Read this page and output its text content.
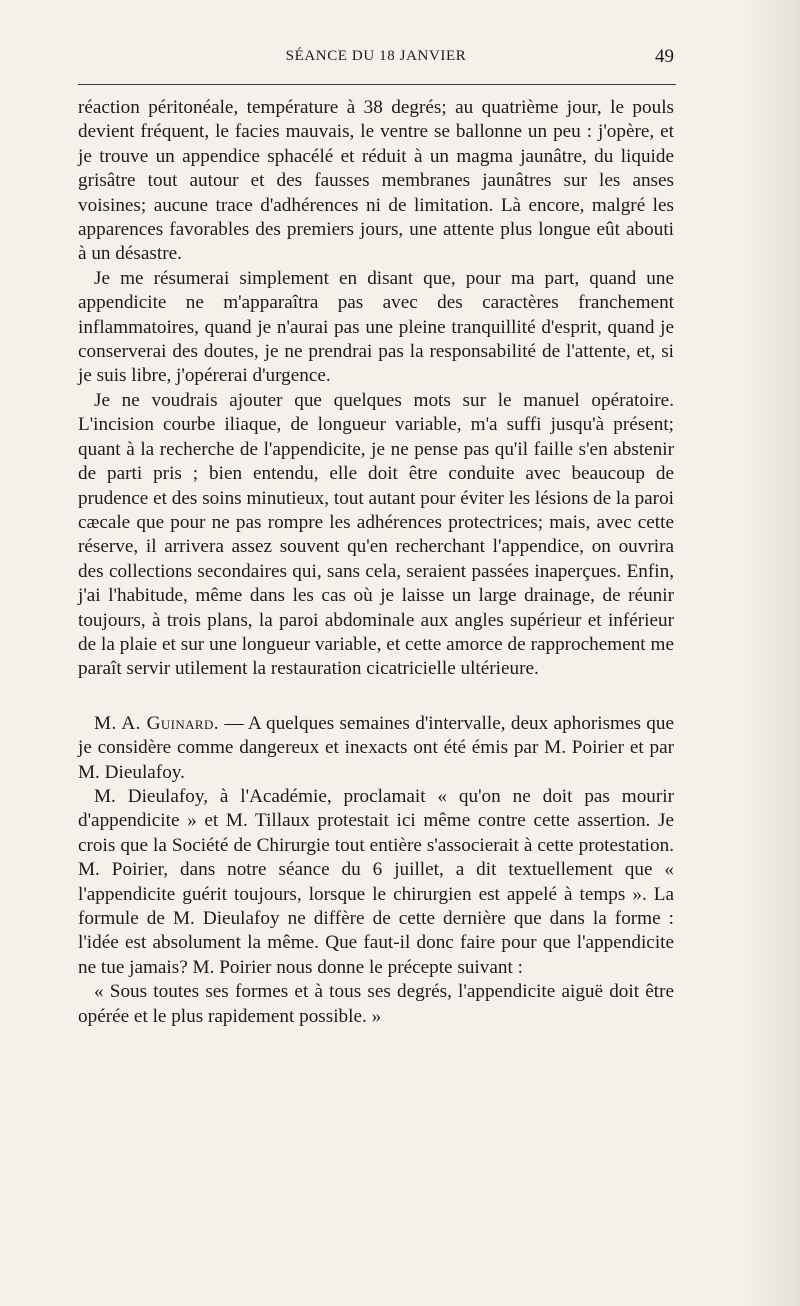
SÉANCE DU 18 JANVIER	49

réaction péritonéale, température à 38 degrés; au quatrième jour, le pouls devient fréquent, le facies mauvais, le ventre se ballonne un peu : j'opère, et je trouve un appendice sphacélé et réduit à un magma jaunâtre, du liquide grisâtre tout autour et des fausses membranes jaunâtres sur les anses voisines; aucune trace d'adhérences ni de limitation. Là encore, malgré les apparences favorables des premiers jours, une attente plus longue eût abouti à un désastre.

Je me résumerai simplement en disant que, pour ma part, quand une appendicite ne m'apparaîtra pas avec des caractères franchement inflammatoires, quand je n'aurai pas une pleine tranquillité d'esprit, quand je conserverai des doutes, je ne prendrai pas la responsabilité de l'attente, et, si je suis libre, j'opérerai d'urgence.

Je ne voudrais ajouter que quelques mots sur le manuel opératoire. L'incision courbe iliaque, de longueur variable, m'a suffi jusqu'à présent; quant à la recherche de l'appendicite, je ne pense pas qu'il faille s'en abstenir de parti pris ; bien entendu, elle doit être conduite avec beaucoup de prudence et des soins minutieux, tout autant pour éviter les lésions de la paroi cæcale que pour ne pas rompre les adhérences protectrices; mais, avec cette réserve, il arrivera assez souvent qu'en recherchant l'appendice, on ouvrira des collections secondaires qui, sans cela, seraient passées inaperçues. Enfin, j'ai l'habitude, même dans les cas où je laisse un large drainage, de réunir toujours, à trois plans, la paroi abdominale aux angles supérieur et inférieur de la plaie et sur une longueur variable, et cette amorce de rapprochement me paraît servir utilement la restauration cicatricielle ultérieure.

M. A. Guinard. — A quelques semaines d'intervalle, deux aphorismes que je considère comme dangereux et inexacts ont été émis par M. Poirier et par M. Dieulafoy.

M. Dieulafoy, à l'Académie, proclamait « qu'on ne doit pas mourir d'appendicite » et M. Tillaux protestait ici même contre cette assertion. Je crois que la Société de Chirurgie tout entière s'associerait à cette protestation. M. Poirier, dans notre séance du 6 juillet, a dit textuellement que « l'appendicite guérit toujours, lorsque le chirurgien est appelé à temps ». La formule de M. Dieulafoy ne diffère de cette dernière que dans la forme : l'idée est absolument la même. Que faut-il donc faire pour que l'appendicite ne tue jamais? M. Poirier nous donne le précepte suivant :

« Sous toutes ses formes et à tous ses degrés, l'appendicite aiguë doit être opérée et le plus rapidement possible. »
